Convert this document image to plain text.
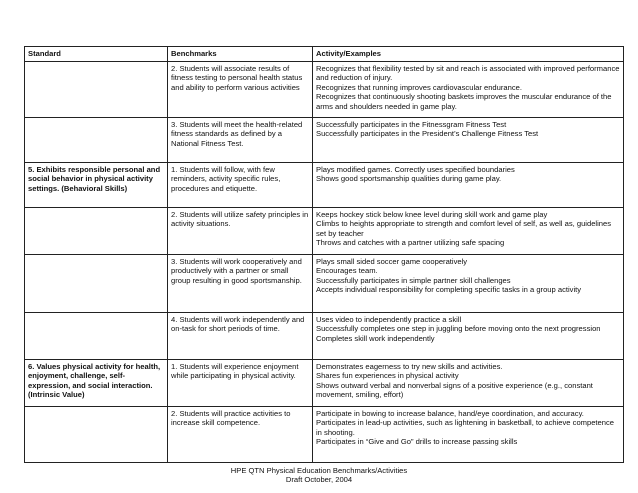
Standard	Benchmarks	Activity/Examples
	2. Students will associate results of fitness testing to personal health status and ability to perform various activities	Recognizes that flexibility tested by sit and reach is associated with improved performance and reduction of injury.
Recognizes that running improves cardiovascular endurance.
Recognizes that continuously shooting baskets improves the muscular endurance of the arms and shoulders needed in game play.

	3. Students will meet the health-related fitness standards as defined by a National Fitness Test.	Successfully participates in the Fitnessgram Fitness Test
Successfully participates in the President’s Challenge Fitness Test

5. Exhibits responsible personal and social behavior in physical activity settings. (Behavioral Skills)	1. Students will follow, with few reminders, activity specific rules, procedures and etiquette.	Plays modified games. Correctly uses specified boundaries
Shows good sportsmanship qualities during game play.

	2. Students will utilize safety principles in activity situations.	Keeps hockey stick below knee level during skill work and game play
Climbs to heights appropriate to strength and comfort level of self, as well as, guidelines set by teacher
Throws and catches with a partner utilizing safe spacing

	3. Students will work cooperatively and productively with a partner or small group resulting in good sportsmanship.	Plays small sided soccer game cooperatively
Encourages team.
Successfully participates in simple partner skill challenges
Accepts individual responsibility for completing specific tasks in a group activity

	4. Students will work independently and on-task for short periods of time.	Uses video to independently practice a skill
Successfully completes one step in juggling before moving onto the next progression
Completes skill work independently

6. Values physical activity for health, enjoyment, challenge, self-expression, and social interaction. (Intrinsic Value)	1. Students will experience enjoyment while participating in physical activity.	Demonstrates eagerness to try new skills and activities.
Shares fun experiences in physical activity
Shows outward verbal and nonverbal signs of a positive experience (e.g., constant movement, smiling, effort)

	2. Students will practice activities to increase skill competence.	Participate in bowing to increase balance, hand/eye coordination, and accuracy. Participates in lead-up activities, such as lightening in basketball, to achieve competence in shooting.
Participates in “Give and Go” drills to increase passing skills
HPE QTN Physical Education Benchmarks/Activities
Draft October, 2004
